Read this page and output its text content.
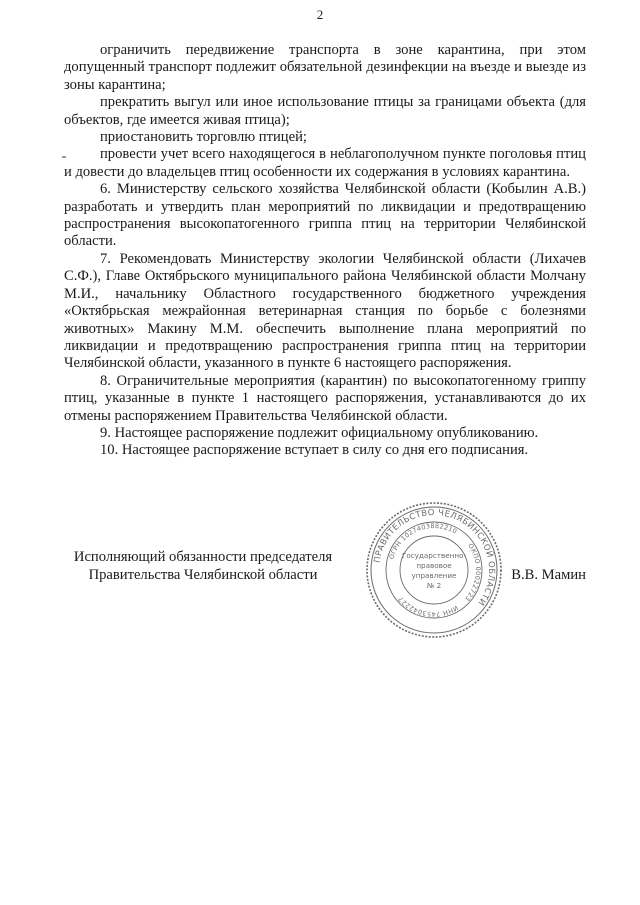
2

ограничить передвижение транспорта в зоне карантина, при этом допущенный транспорт подлежит обязательной дезинфекции на въезде и выезде из зоны карантина;

прекратить выгул или иное использование птицы за границами объекта (для объектов, где имеется живая птица);

приостановить торговлю птицей;

провести учет всего находящегося в неблагополучном пункте поголовья птиц и довести до владельцев птиц особенности их содержания в условиях карантина.

6. Министерству сельского хозяйства Челябинской области (Кобылин А.В.) разработать и утвердить план мероприятий по ликвидации и предотвращению распространения высокопатогенного гриппа птиц на территории Челябинской области.

7. Рекомендовать Министерству экологии Челябинской области (Лихачев С.Ф.), Главе Октябрьского муниципального района Челябинской области Молчану М.И., начальнику Областного государственного бюджетного учреждения «Октябрьская межрайонная ветеринарная станция по борьбе с болезнями животных» Макину М.М. обеспечить выполнение плана мероприятий по ликвидации и предотвращению распространения гриппа птиц на территории Челябинской области, указанного в пункте 6 настоящего распоряжения.

8. Ограничительные мероприятия (карантин) по высокопатогенному гриппу птиц, указанные в пункте 1 настоящего распоряжения, устанавливаются до их отмены распоряжением Правительства Челябинской области.

9. Настоящее распоряжение подлежит официальному опубликованию.

10. Настоящее распоряжение вступает в силу со дня его подписания.

Исполняющий обязанности председателя
Правительства Челябинской области	В.В. Мамин
ПРАВИТЕЛЬСТВО ЧЕЛЯБИНСКОЙ ОБЛАСТИ
ОГРН 1027403882210
ОКПО 00022723
ИНН 7453042227
Государственно-
правовое
управление
№ 2
